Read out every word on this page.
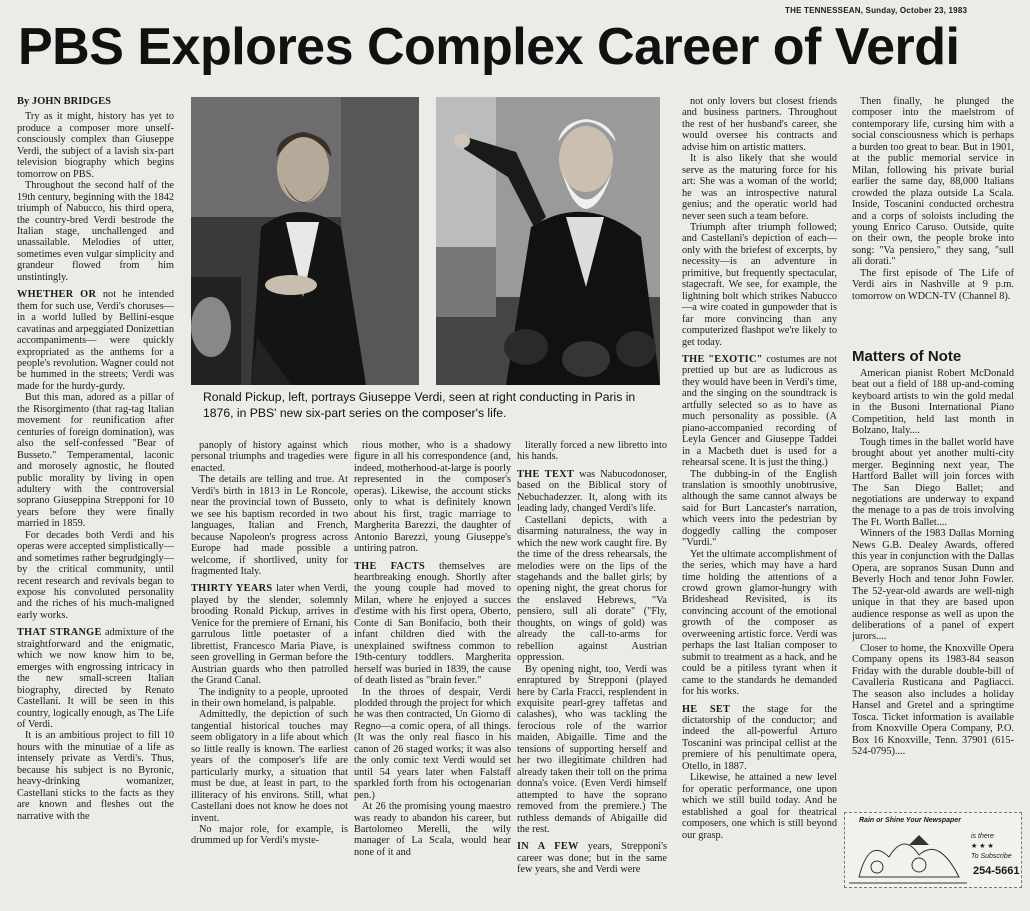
THE TENNESSEAN, Sunday, October 23, 1983
PBS Explores Complex Career of Verdi

By JOHN BRIDGES

Try as it might, history has yet to produce a composer more unself-consciously complex than Giuseppe Verdi, the subject of a lavish six-part television biography which begins tomorrow on PBS.

Throughout the second half of the 19th century, beginning with the 1842 triumph of Nabucco, his third opera, the country-bred Verdi bestrode the Italian stage, unchallenged and unassailable. Melodies of utter, sometimes even vulgar simplicity and grandeur flowed from him unstintingly.

WHETHER OR not he intended them for such use, Verdi's choruses—in a world lulled by Bellini-esque cavatinas and arpeggiated Donizettian accompaniments— were quickly expropriated as the anthems for a people's revolution. Wagner could not be hummed in the streets; Verdi was made for the hurdy-gurdy.

But this man, adored as a pillar of the Risorgimento (that rag-tag Italian movement for reunification after centuries of foreign domination), was also the self-confessed "Bear of Busseto." Temperamental, laconic and morosely agnostic, he flouted public morality by living in open adultery with the controversial soprano Giuseppina Strepponi for 10 years before they were finally married in 1859.

For decades both Verdi and his operas were accepted simplistically—and sometimes rather begrudgingly—by the critical community, until recent research and revivals began to expose his convoluted personality and the riches of his much-maligned early works.

THAT STRANGE admixture of the straightforward and the enigmatic, which we now know him to be, emerges with engrossing intricacy in the new small-screen Italian biography, directed by Renato Castellani. It will be seen in this country, logically enough, as The Life of Verdi.

It is an ambitious project to fill 10 hours with the minutiae of a life as intensely private as Verdi's. Thus, because his subject is no Byronic, heavy-drinking womanizer, Castellani sticks to the facts as they are known and fleshes out the narrative with the

Ronald Pickup, left, portrays Giuseppe Verdi, seen at right conducting in Paris in 1876, in PBS' new six-part series on the composer's life.

panoply of history against which personal triumphs and tragedies were enacted.

The details are telling and true. At Verdi's birth in 1813 in Le Roncole, near the provincial town of Busseto, we see his baptism recorded in two languages, Italian and French, because Napoleon's progress across Europe had made possible a welcome, if shortlived, unity for fragmented Italy.

THIRTY YEARS later when Verdi, played by the slender, solemnly brooding Ronald Pickup, arrives in Venice for the premiere of Ernani, his garrulous little poetaster of a librettist, Francesco Maria Piave, is seen grovelling in German before the Austrian guards who then patrolled the Grand Canal.

The indignity to a people, uprooted in their own homeland, is palpable.

Admittedly, the depiction of such tangential historical touches may seem obligatory in a life about which so little really is known. The earliest years of the composer's life are particularly murky, a situation that must be due, at least in part, to the illiteracy of his environs. Still, what Castellani does not know he does not invent.

No major role, for example, is drummed up for Verdi's myste-

rious mother, who is a shadowy figure in all his correspondence (and, indeed, motherhood-at-large is poorly represented in the composer's operas). Likewise, the account sticks only to what is definitely known about his first, tragic marriage to Margherita Barezzi, the daughter of Antonio Barezzi, young Giuseppe's untiring patron.

THE FACTS themselves are heartbreaking enough. Shortly after the young couple had moved to Milan, where he enjoyed a succes d'estime with his first opera, Oberto, Conte di San Bonifacio, both their infant children died with the unexplained swiftness common to 19th-century toddlers. Margherita herself was buried in 1839, the cause of death listed as "brain fever."

In the throes of despair, Verdi plodded through the project for which he was then contracted, Un Giorno di Regno—a comic opera, of all things. (It was the only real fiasco in his canon of 26 staged works; it was also the only comic text Verdi would set until 54 years later when Falstaff sparkled forth from his octogenarian pen.)

At 26 the promising young maestro was ready to abandon his career, but Bartolomeo Merelli, the wily manager of La Scala, would hear none of it and

literally forced a new libretto into his hands.

THE TEXT was Nabucodonoser, based on the Biblical story of Nebuchadezzer. It, along with its leading lady, changed Verdi's life.

Castellani depicts, with a disarming naturalness, the way in which the new work caught fire. By the time of the dress rehearsals, the melodies were on the lips of the stagehands and the ballet girls; by opening night, the great chorus for the enslaved Hebrews, "Va pensiero, sull ali dorate" ("Fly, thoughts, on wings of gold) was already the call-to-arms for rebellion against Austrian oppression.

By opening night, too, Verdi was enraptured by Strepponi (played here by Carla Fracci, resplendent in exquisite pearl-grey taffetas and calashes), who was tackling the ferocious role of the warrior maiden, Abigaille. Time and the tensions of supporting herself and her two illegitimate children had already taken their toll on the prima donna's voice. (Even Verdi himself attempted to have the soprano removed from the premiere.) The ruthless demands of Abigaille did the rest.

IN A FEW years, Strepponi's career was done; but in the same few years, she and Verdi were

not only lovers but closest friends and business partners. Throughout the rest of her husband's career, she would oversee his contracts and advise him on artistic matters.

It is also likely that she would serve as the maturing force for his art: She was a woman of the world; he was an introspective natural genius; and the operatic world had never seen such a team before.

Triumph after triumph followed; and Castellani's depiction of each—only with the briefest of excerpts, by necessity—is an adventure in primitive, but frequently spectacular, stagecraft. We see, for example, the lightning bolt which strikes Nabucco—a wire coated in gunpowder that is far more convincing than any computerized flashpot we're likely to get today.

THE "EXOTIC" costumes are not prettied up but are as ludicrous as they would have been in Verdi's time, and the singing on the soundtrack is artfully selected so as to have as much personality as possible. (A piano-accompanied recording of Leyla Gencer and Giuseppe Taddei in a Macbeth duet is used for a rehearsal scene. It is just the thing.)

The dubbing-in of the English translation is smoothly unobtrusive, although the same cannot always be said for Burt Lancaster's narration, which veers into the pedestrian by doggedly calling the composer "Vurdi."

Yet the ultimate accomplishment of the series, which may have a hard time holding the attentions of a crowd grown glamor-hungry with Brideshead Revisited, is its convincing account of the emotional growth of the composer as overweening artistic force. Verdi was perhaps the last Italian composer to submit to treatment as a hack, and he could be a pitiless tyrant when it came to the standards he demanded for his works.

HE SET the stage for the dictatorship of the conductor; and indeed the all-powerful Arturo Toscanini was principal cellist at the premiere of his penultimate opera, Otello, in 1887.

Likewise, he attained a new level for operatic performance, one upon which we still build today. And he established a goal for theatrical composers, one which is still beyond our grasp.

Then finally, he plunged the composer into the maelstrom of contemporary life, cursing him with a social consciousness which is perhaps a burden too great to bear. But in 1901, at the public memorial service in Milan, following his private burial earlier the same day, 88,000 Italians crowded the plaza outside La Scala. Inside, Toscanini conducted orchestra and a corps of soloists including the young Enrico Caruso. Outside, quite on their own, the people broke into song: "Va pensiero," they sang, "sull ali dorati."

The first episode of The Life of Verdi airs in Nashville at 9 p.m. tomorrow on WDCN-TV (Channel 8).

Matters of Note

American pianist Robert McDonald beat out a field of 188 up-and-coming keyboard artists to win the gold medal in the Busoni International Piano Competition, held last month in Bolzano, Italy....

Tough times in the ballet world have brought about yet another multi-city merger. Beginning next year, The Hartford Ballet will join forces with The San Diego Ballet; and negotiations are underway to expand the menage to a pas de trois involving The Ft. Worth Ballet....

Winners of the 1983 Dallas Morning News G.B. Dealey Awards, offered this year in conjunction with the Dallas Opera, are sopranos Susan Dunn and Beverly Hoch and tenor John Fowler. The 52-year-old awards are well-nigh unique in that they are based upon audience response as well as upon the deliberations of a panel of expert jurors....

Closer to home, the Knoxville Opera Company opens its 1983-84 season Friday with the durable double-bill of Cavalleria Rusticana and Pagliacci. The season also includes a holiday Hansel and Gretel and a springtime Tosca. Ticket information is available from Knoxville Opera Company, P.O. Box 16 Knoxville, Tenn. 37901 (615-524-0795)....

Rain or Shine Your Newspaper
is there
★★★
To Subscribe
254-5661
